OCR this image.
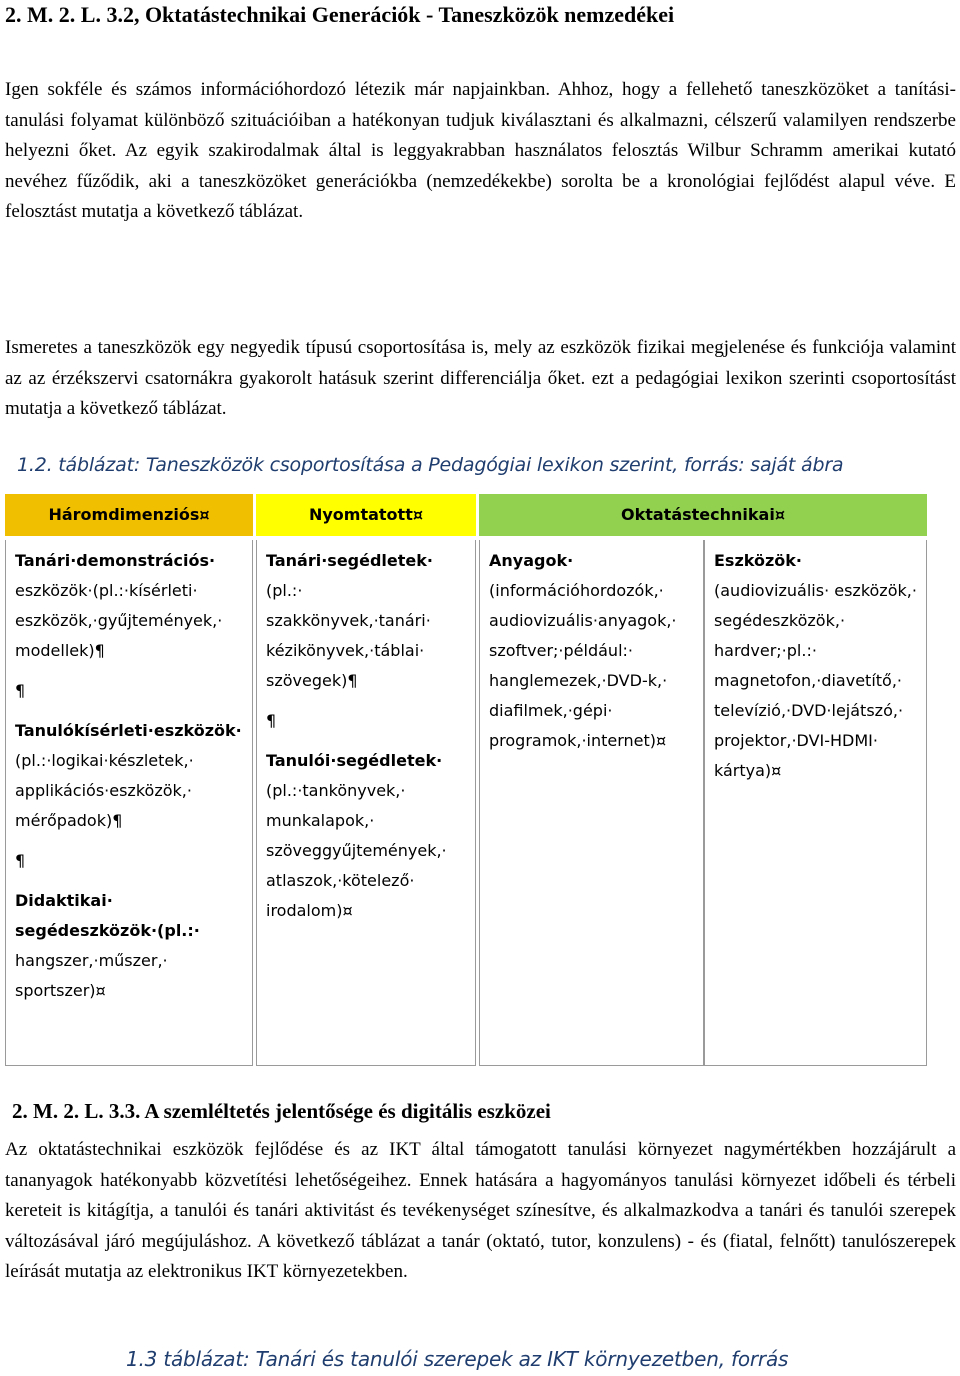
2. M. 2. L. 3.2, Oktatástechnikai Generációk - Taneszközök nemzedékei

Igen sokféle és számos információhordozó létezik már napjainkban. Ahhoz, hogy a fellehető taneszközöket a tanítási-tanulási folyamat különböző szituációiban a hatékonyan tudjuk kiválasztani és alkalmazni, célszerű valamilyen rendszerbe helyezni őket. Az egyik szakirodalmak által is leggyakrabban használatos felosztás Wilbur Schramm amerikai kutató nevéhez fűződik, aki a taneszközöket generációkba (nemzedékekbe) sorolta be a kronológiai fejlődést alapul véve. E felosztást mutatja a következő táblázat.

Ismeretes a taneszközök egy negyedik típusú csoportosítása is, mely az eszközök fizikai megjelenése és funkciója valamint az az érzékszervi csatornákra gyakorolt hatásuk szerint differenciálja őket. ezt a pedagógiai lexikon szerinti csoportosítást mutatja a következő táblázat.

1.2. táblázat: Taneszközök csoportosítása a Pedagógiai lexikon szerint, forrás: saját ábra
Háromdimenziós¤	Nyomtatott¤	Oktatástechnikai¤
Tanári·demonstrációs·
eszközök·(pl.:·kísérleti· eszközök,·gyűjtemények,· modellek)¶
¶
Tanulókísérleti·eszközök·
(pl.:·logikai·készletek,· applikációs·eszközök,· mérőpadok)¶
¶
Didaktikai· segédeszközök·(pl.:·
hangszer,·műszer,· sportszer)¤
Tanári·segédletek· (pl.:· szakkönyvek,·tanári· kézikönyvek,·táblai· szövegek)¶
¶
Tanulói·segédletek·
(pl.:·tankönyvek,· munkalapok,· szöveggyűjtemények,· atlaszok,·kötelező· irodalom)¤
Anyagok·
(információhordozók,· audiovizuális·anyagok,· szoftver;·például:· hanglemezek,·DVD-k,· diafilmek,·gépi· programok,·internet)¤
Eszközök· (audiovizuális· eszközök,· segédeszközök,· hardver;·pl.:· magnetofon,·diavetítő,· televízió,·DVD·lejátszó,· projektor,·DVI-HDMI· kártya)¤
2. M. 2. L. 3.3. A szemléltetés jelentősége és digitális eszközei

Az oktatástechnikai eszközök fejlődése és az IKT által támogatott tanulási környezet nagymértékben hozzájárult a tananyagok hatékonyabb közvetítési lehetőségeihez. Ennek hatására a hagyományos tanulási környezet időbeli és térbeli kereteit is kitágítja, a tanulói és tanári aktivitást és tevékenységet színesítve, és alkalmazkodva a tanári és tanulói szerepek változásával járó megújuláshoz. A következő táblázat a tanár (oktató, tutor, konzulens) - és (fiatal, felnőtt) tanulószerepek leírását mutatja az elektronikus IKT környezetekben.

1.3 táblázat: Tanári és tanulói szerepek az IKT környezetben, forrás
